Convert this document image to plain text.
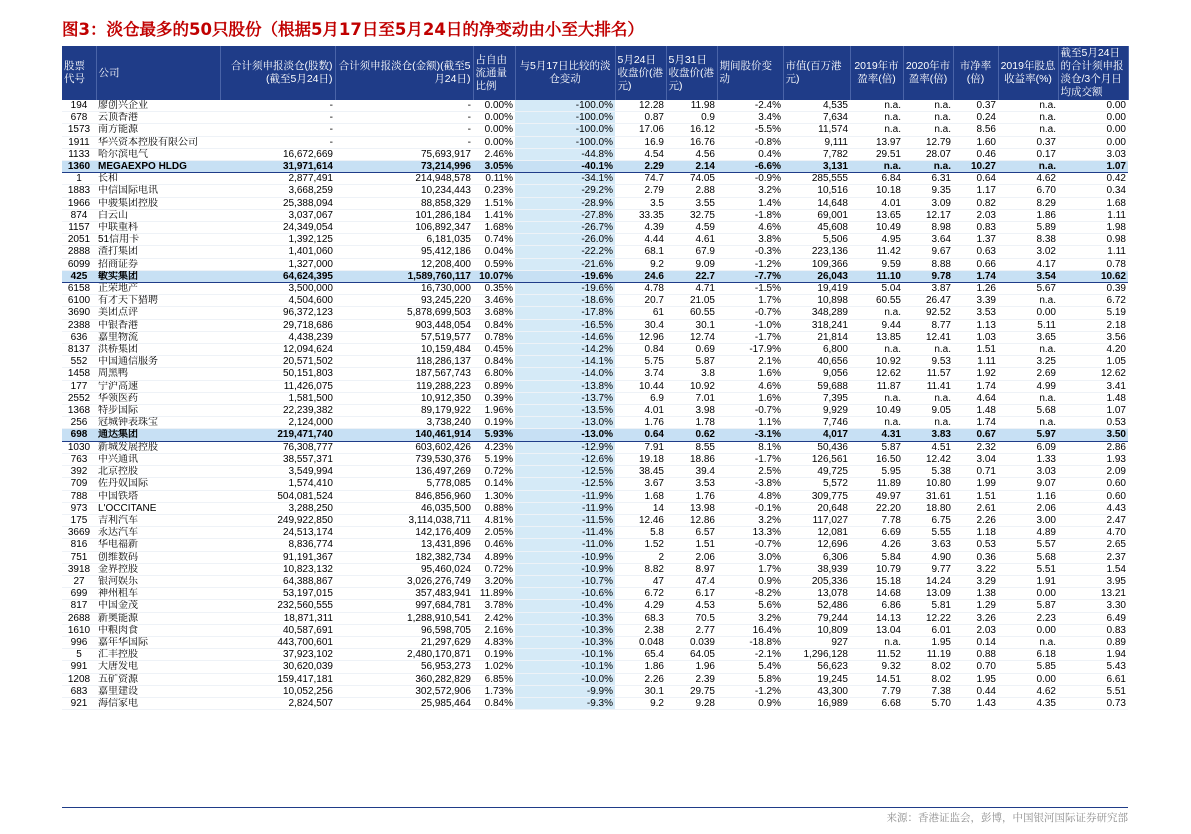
图3：淡仓最多的50只股份（根据5月17日至5月24日的净变动由小至大排名）
股票代号	公司	合计须申报淡仓(股数)(截至5月24日)	合计须申报淡仓(金额)(截至5月24日)	占自由流通量比例	与5月17日比较的淡仓变动	5月24日收盘价(港元)	5月31日收盘价(港元)	期间股价变动	市值(百万港元)	2019年市盈率(倍)	2020年市盈率(倍)	市净率(倍)	2019年股息收益率(%)	截至5月24日的合计须申报淡仓/3个月日均成交额
194	廖创兴企业	-	-	0.00%	-100.0%	12.28	11.98	-2.4%	4,535	n.a.	n.a.	0.37	n.a.	0.00
678	云顶香港	-	-	0.00%	-100.0%	0.87	0.9	3.4%	7,634	n.a.	n.a.	0.24	n.a.	0.00
1573	南方能源	-	-	0.00%	-100.0%	17.06	16.12	-5.5%	11,574	n.a.	n.a.	8.56	n.a.	0.00
1911	华兴资本控股有限公司	-	-	0.00%	-100.0%	16.9	16.76	-0.8%	9,111	13.97	12.79	1.60	0.37	0.00
1133	哈尔滨电气	16,672,669	75,693,917	2.46%	-44.8%	4.54	4.56	0.4%	7,782	29.51	28.07	0.46	0.17	3.03
1360	MEGAEXPO HLDG	31,971,614	73,214,996	3.05%	-40.1%	2.29	2.14	-6.6%	3,131	n.a.	n.a.	10.27	n.a.	1.07
1	长和	2,877,491	214,948,578	0.11%	-34.1%	74.7	74.05	-0.9%	285,555	6.84	6.31	0.64	4.62	0.42
1883	中信国际电讯	3,668,259	10,234,443	0.23%	-29.2%	2.79	2.88	3.2%	10,516	10.18	9.35	1.17	6.70	0.34
1966	中骏集团控股	25,388,094	88,858,329	1.51%	-28.9%	3.5	3.55	1.4%	14,648	4.01	3.09	0.82	8.29	1.68
874	白云山	3,037,067	101,286,184	1.41%	-27.8%	33.35	32.75	-1.8%	69,001	13.65	12.17	2.03	1.86	1.11
1157	中联重科	24,349,054	106,892,347	1.68%	-26.7%	4.39	4.59	4.6%	45,608	10.49	8.98	0.83	5.89	1.98
2051	51信用卡	1,392,125	6,181,035	0.74%	-26.0%	4.44	4.61	3.8%	5,506	4.95	3.64	1.37	8.38	0.98
2888	渣打集团	1,401,060	95,412,186	0.04%	-22.2%	68.1	67.9	-0.3%	223,136	11.42	9.67	0.63	3.02	1.11
6099	招商证券	1,327,000	12,208,400	0.59%	-21.6%	9.2	9.09	-1.2%	109,366	9.59	8.88	0.66	4.17	0.78
425	敏实集团	64,624,395	1,589,760,117	10.07%	-19.6%	24.6	22.7	-7.7%	26,043	11.10	9.78	1.74	3.54	10.62
6158	正荣地产	3,500,000	16,730,000	0.35%	-19.6%	4.78	4.71	-1.5%	19,419	5.04	3.87	1.26	5.67	0.39
6100	有才天下猎聘	4,504,600	93,245,220	3.46%	-18.6%	20.7	21.05	1.7%	10,898	60.55	26.47	3.39	n.a.	6.72
3690	美团点评	96,372,123	5,878,699,503	3.68%	-17.8%	61	60.55	-0.7%	348,289	n.a.	92.52	3.53	0.00	5.19
2388	中银香港	29,718,686	903,448,054	0.84%	-16.5%	30.4	30.1	-1.0%	318,241	9.44	8.77	1.13	5.11	2.18
636	嘉里物流	4,438,239	57,519,577	0.78%	-14.6%	12.96	12.74	-1.7%	21,814	13.85	12.41	1.03	3.65	3.56
8137	洪桥集团	12,094,624	10,159,484	0.45%	-14.2%	0.84	0.69	-17.9%	6,800	n.a.	n.a.	1.51	n.a.	4.20
552	中国通信服务	20,571,502	118,286,137	0.84%	-14.1%	5.75	5.87	2.1%	40,656	10.92	9.53	1.11	3.25	1.05
1458	周黑鸭	50,151,803	187,567,743	6.80%	-14.0%	3.74	3.8	1.6%	9,056	12.62	11.57	1.92	2.69	12.62
177	宁沪高速	11,426,075	119,288,223	0.89%	-13.8%	10.44	10.92	4.6%	59,688	11.87	11.41	1.74	4.99	3.41
2552	华领医药	1,581,500	10,912,350	0.39%	-13.7%	6.9	7.01	1.6%	7,395	n.a.	n.a.	4.64	n.a.	1.48
1368	特步国际	22,239,382	89,179,922	1.96%	-13.5%	4.01	3.98	-0.7%	9,929	10.49	9.05	1.48	5.68	1.07
256	冠城钟表珠宝	2,124,000	3,738,240	0.19%	-13.0%	1.76	1.78	1.1%	7,746	n.a.	n.a.	1.74	n.a.	0.53
698	通达集团	219,471,740	140,461,914	5.93%	-13.0%	0.64	0.62	-3.1%	4,017	4.31	3.83	0.67	5.97	3.50
1030	新城发展控股	76,308,777	603,602,426	4.23%	-12.9%	7.91	8.55	8.1%	50,436	5.87	4.51	2.32	6.09	2.86
763	中兴通讯	38,557,371	739,530,376	5.19%	-12.6%	19.18	18.86	-1.7%	126,561	16.50	12.42	3.04	1.33	1.93
392	北京控股	3,549,994	136,497,269	0.72%	-12.5%	38.45	39.4	2.5%	49,725	5.95	5.38	0.71	3.03	2.09
709	佐丹奴国际	1,574,410	5,778,085	0.14%	-12.5%	3.67	3.53	-3.8%	5,572	11.89	10.80	1.99	9.07	0.60
788	中国铁塔	504,081,524	846,856,960	1.30%	-11.9%	1.68	1.76	4.8%	309,775	49.97	31.61	1.51	1.16	0.60
973	L'OCCITANE	3,288,250	46,035,500	0.88%	-11.9%	14	13.98	-0.1%	20,648	22.20	18.80	2.61	2.06	4.43
175	吉利汽车	249,922,850	3,114,038,711	4.81%	-11.5%	12.46	12.86	3.2%	117,027	7.78	6.75	2.26	3.00	2.47
3669	永达汽车	24,513,174	142,176,409	2.05%	-11.4%	5.8	6.57	13.3%	12,081	6.69	5.55	1.18	4.89	4.70
816	华电福新	8,836,774	13,431,896	0.46%	-11.0%	1.52	1.51	-0.7%	12,696	4.26	3.63	0.53	5.57	2.65
751	创维数码	91,191,367	182,382,734	4.89%	-10.9%	2	2.06	3.0%	6,306	5.84	4.90	0.36	5.68	2.37
3918	金界控股	10,823,132	95,460,024	0.72%	-10.9%	8.82	8.97	1.7%	38,939	10.79	9.77	3.22	5.51	1.54
27	银河娱乐	64,388,867	3,026,276,749	3.20%	-10.7%	47	47.4	0.9%	205,336	15.18	14.24	3.29	1.91	3.95
699	神州租车	53,197,015	357,483,941	11.89%	-10.6%	6.72	6.17	-8.2%	13,078	14.68	13.09	1.38	0.00	13.21
817	中国金茂	232,560,555	997,684,781	3.78%	-10.4%	4.29	4.53	5.6%	52,486	6.86	5.81	1.29	5.87	3.30
2688	新奥能源	18,871,311	1,288,910,541	2.42%	-10.3%	68.3	70.5	3.2%	79,244	14.13	12.22	3.26	2.23	6.49
1610	中粮肉食	40,587,691	96,598,705	2.16%	-10.3%	2.38	2.77	16.4%	10,809	13.04	6.01	2.03	0.00	0.83
996	嘉年华国际	443,700,601	21,297,629	4.83%	-10.3%	0.048	0.039	-18.8%	927	n.a.	1.95	0.14	n.a.	0.89
5	汇丰控股	37,923,102	2,480,170,871	0.19%	-10.1%	65.4	64.05	-2.1%	1,296,128	11.52	11.19	0.88	6.18	1.94
991	大唐发电	30,620,039	56,953,273	1.02%	-10.1%	1.86	1.96	5.4%	56,623	9.32	8.02	0.70	5.85	5.43
1208	五矿资源	159,417,181	360,282,829	6.85%	-10.0%	2.26	2.39	5.8%	19,245	14.51	8.02	1.95	0.00	6.61
683	嘉里建设	10,052,256	302,572,906	1.73%	-9.9%	30.1	29.75	-1.2%	43,300	7.79	7.38	0.44	4.62	5.51
921	海信家电	2,824,507	25,985,464	0.84%	-9.3%	9.2	9.28	0.9%	16,989	6.68	5.70	1.43	4.35	0.73
来源：香港证监会，彭博，中国银河国际证券研究部
